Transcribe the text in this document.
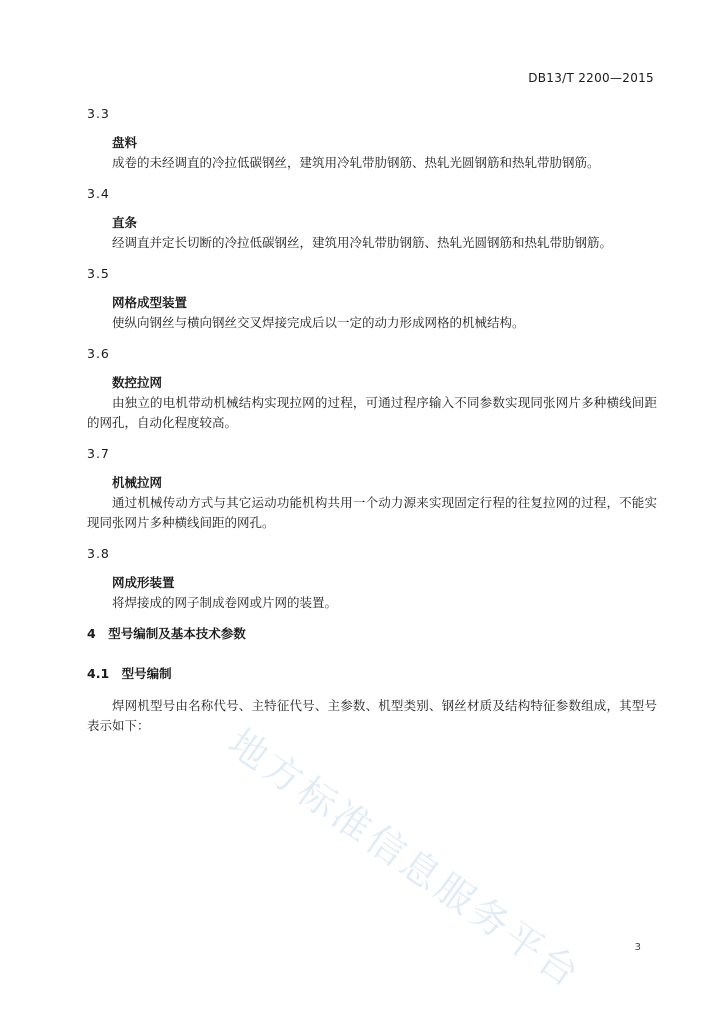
DB13/T 2200—2015
3.3
盘料
成卷的未经调直的冷拉低碳钢丝，建筑用冷轧带肋钢筋、热轧光圆钢筋和热轧带肋钢筋。
3.4
直条
经调直并定长切断的冷拉低碳钢丝，建筑用冷轧带肋钢筋、热轧光圆钢筋和热轧带肋钢筋。
3.5
网格成型装置
使纵向钢丝与横向钢丝交叉焊接完成后以一定的动力形成网格的机械结构。
3.6
数控拉网
由独立的电机带动机械结构实现拉网的过程，可通过程序输入不同参数实现同张网片多种横线间距的网孔，自动化程度较高。
3.7
机械拉网
通过机械传动方式与其它运动功能机构共用一个动力源来实现固定行程的往复拉网的过程，不能实现同张网片多种横线间距的网孔。
3.8
网成形装置
将焊接成的网子制成卷网或片网的装置。
4　型号编制及基本技术参数
4.1　型号编制
焊网机型号由名称代号、主特征代号、主参数、机型类别、钢丝材质及结构特征参数组成，其型号表示如下：	地方标准信息服务平台	3
